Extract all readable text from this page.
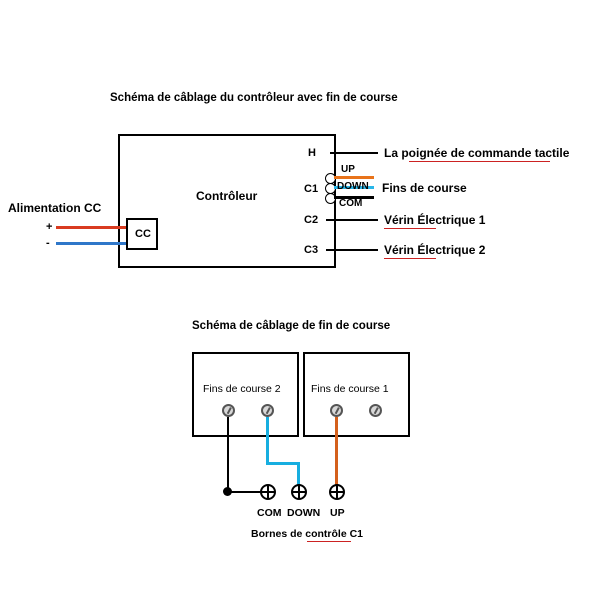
Schéma de câblage du contrôleur avec fin de course
Contrôleur
Alimentation CC
+
-
CC
H	La poignée de commande tactile
C1
UP
DOWN
COM
Fins de course
C2	Vérin Électrique 1
C3	Vérin Électrique 2
Schéma de câblage de fin de course
Fins de course 2	Fins de course 1
COM DOWN UP
Bornes de contrôle C1
